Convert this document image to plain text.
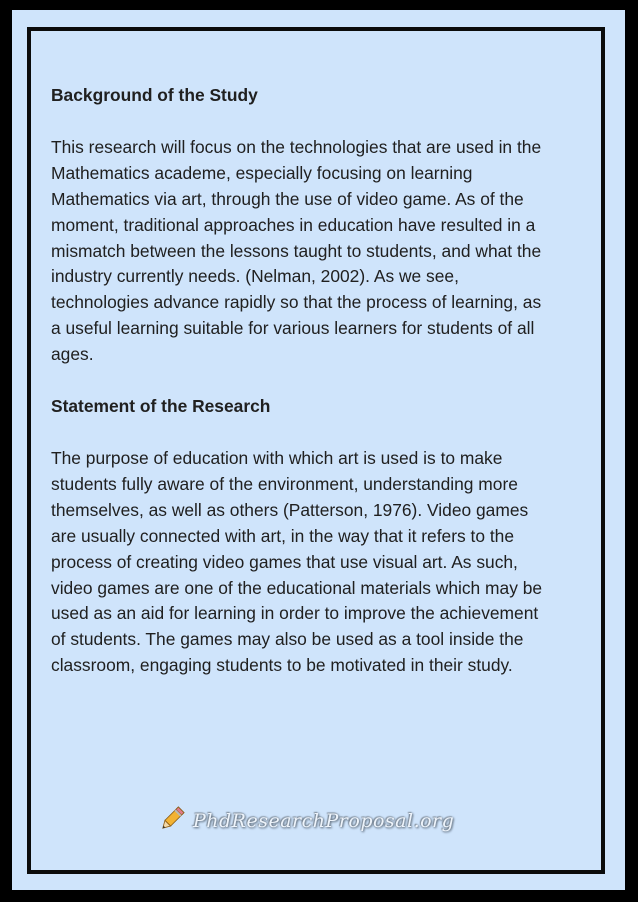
Background of the Study

This research will focus on the technologies that are used in the

Mathematics academe, especially focusing on learning

Mathematics via art, through the use of video game. As of the

moment, traditional approaches in education have resulted in a

mismatch between the lessons taught to students, and what the

industry currently needs. (Nelman, 2002). As we see,

technologies advance rapidly so that the process of learning, as

a useful learning suitable for various learners for students of all

ages.

Statement of the Research

The purpose of education with which art is used is to make

students fully aware of the environment, understanding more

themselves, as well as others (Patterson, 1976). Video games

are usually connected with art, in the way that it refers to the

process of creating video games that use visual art. As such,

video games are one of the educational materials which may be

used as an aid for learning in order to improve the achievement

of students. The games may also be used as a tool inside the

classroom, engaging students to be motivated in their study.

PhdResearchProposal.org
